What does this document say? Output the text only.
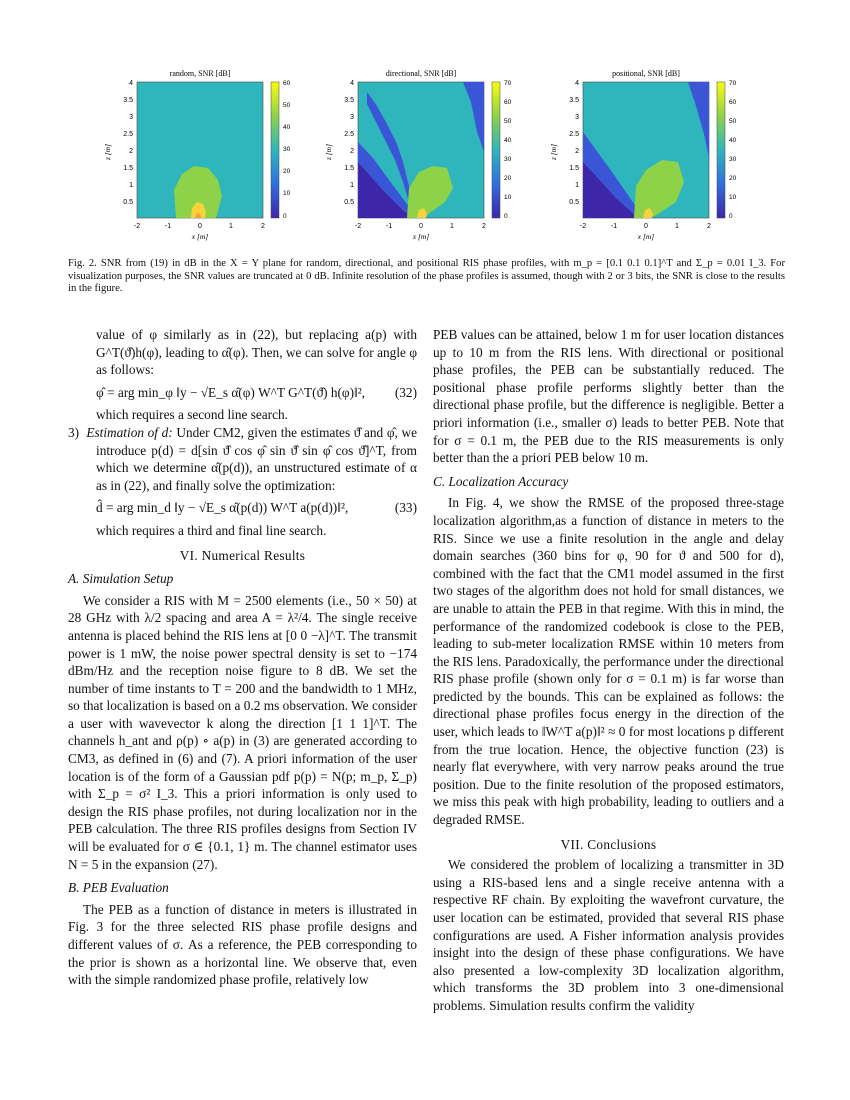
random, SNR [dB]
4
3.5
3
2.5
2
1.5
1
0.5
z [m]
-2	-1	0	1	2
x [m]
60
50
40
30
20
10
0
directional, SNR [dB]
4
3.5
3
2.5
2
1.5
1
0.5
z [m]
-2	-1	0	1	2
x [m]
70
60
50
40
30
20
10
0
positional, SNR [dB]
4
3.5
3
2.5
2
1.5
1
0.5
z [m]
-2	-1	0	1	2
x [m]
70
60
50
40
30
20
10
0
Fig. 2. SNR from (19) in dB in the X = Y plane for random, directional, and positional RIS phase profiles, with m_p = [0.1 0.1 0.1]^T and Σ_p = 0.01 I_3. For visualization purposes, the SNR values are truncated at 0 dB. Infinite resolution of the phase profiles is assumed, though with 2 or 3 bits, the SNR is close to the results in the figure.

value of φ similarly as in (22), but replacing a(p) with G^T(ϑ̂)h(φ), leading to α̂(φ). Then, we can solve for angle φ as follows:

φ̂ = arg min_φ ‖y − √E_s α̂(φ) W^T G^T(ϑ̂) h(φ)‖², (32)

which requires a second line search.

3) Estimation of d: Under CM2, given the estimates ϑ̂ and φ̂, we introduce p(d) = d[sin ϑ̂ cos φ̂ sin ϑ̂ sin φ̂ cos ϑ̂]^T, from which we determine α̂(p(d)), an unstructured estimate of α as in (22), and finally solve the optimization:

d̂ = arg min_d ‖y − √E_s α̂(p(d)) W^T a(p(d))‖²,	(33)

which requires a third and final line search.

VI. Numerical Results
A. Simulation Setup

We consider a RIS with M = 2500 elements (i.e., 50 × 50) at 28 GHz with λ/2 spacing and area A = λ²/4. The single receive antenna is placed behind the RIS lens at [0 0 −λ]^T. The transmit power is 1 mW, the noise power spectral density is set to −174 dBm/Hz and the reception noise figure to 8 dB. We set the number of time instants to T = 200 and the bandwidth to 1 MHz, so that localization is based on a 0.2 ms observation. We consider a user with wavevector k along the direction [1 1 1]^T. The channels h_ant and ρ(p) ∘ a(p) in (3) are generated according to CM3, as defined in (6) and (7). A priori information of the user location is of the form of a Gaussian pdf p(p) = N(p; m_p, Σ_p) with Σ_p = σ² I_3. This a priori information is only used to design the RIS phase profiles, not during localization nor in the PEB calculation. The three RIS profiles designs from Section IV will be evaluated for σ ∈ {0.1, 1} m. The channel estimator uses N = 5 in the expansion (27).

B. PEB Evaluation

The PEB as a function of distance in meters is illustrated in Fig. 3 for the three selected RIS phase profile designs and different values of σ. As a reference, the PEB corresponding to the prior is shown as a horizontal line. We observe that, even with the simple randomized phase profile, relatively low

PEB values can be attained, below 1 m for user location distances up to 10 m from the RIS lens. With directional or positional phase profiles, the PEB can be substantially reduced. The positional phase profile performs slightly better than the directional phase profile, but the difference is negligible. Better a priori information (i.e., smaller σ) leads to better PEB. Note that for σ = 0.1 m, the PEB due to the RIS measurements is only better than the a priori PEB below 10 m.

C. Localization Accuracy

In Fig. 4, we show the RMSE of the proposed three-stage localization algorithm,as a function of distance in meters to the RIS. Since we use a finite resolution in the angle and delay domain searches (360 bins for φ, 90 for ϑ and 500 for d), combined with the fact that the CM1 model assumed in the first two stages of the algorithm does not hold for small distances, we are unable to attain the PEB in that regime. With this in mind, the performance of the randomized codebook is close to the PEB, leading to sub-meter localization RMSE within 10 meters from the RIS lens. Paradoxically, the performance under the directional RIS phase profile (shown only for σ = 0.1 m) is far worse than predicted by the bounds. This can be explained as follows: the directional phase profiles focus energy in the direction of the user, which leads to ‖W^T a(p)‖² ≈ 0 for most locations p different from the true location. Hence, the objective function (23) is nearly flat everywhere, with very narrow peaks around the true position. Due to the finite resolution of the proposed estimators, we miss this peak with high probability, leading to outliers and a degraded RMSE.

VII. Conclusions

We considered the problem of localizing a transmitter in 3D using a RIS-based lens and a single receive antenna with a respective RF chain. By exploiting the wavefront curvature, the user location can be estimated, provided that several RIS phase configurations are used. A Fisher information analysis provides insight into the design of these phase configurations. We have also presented a low-complexity 3D localization algorithm, which transforms the 3D problem into 3 one-dimensional problems. Simulation results confirm the validity
